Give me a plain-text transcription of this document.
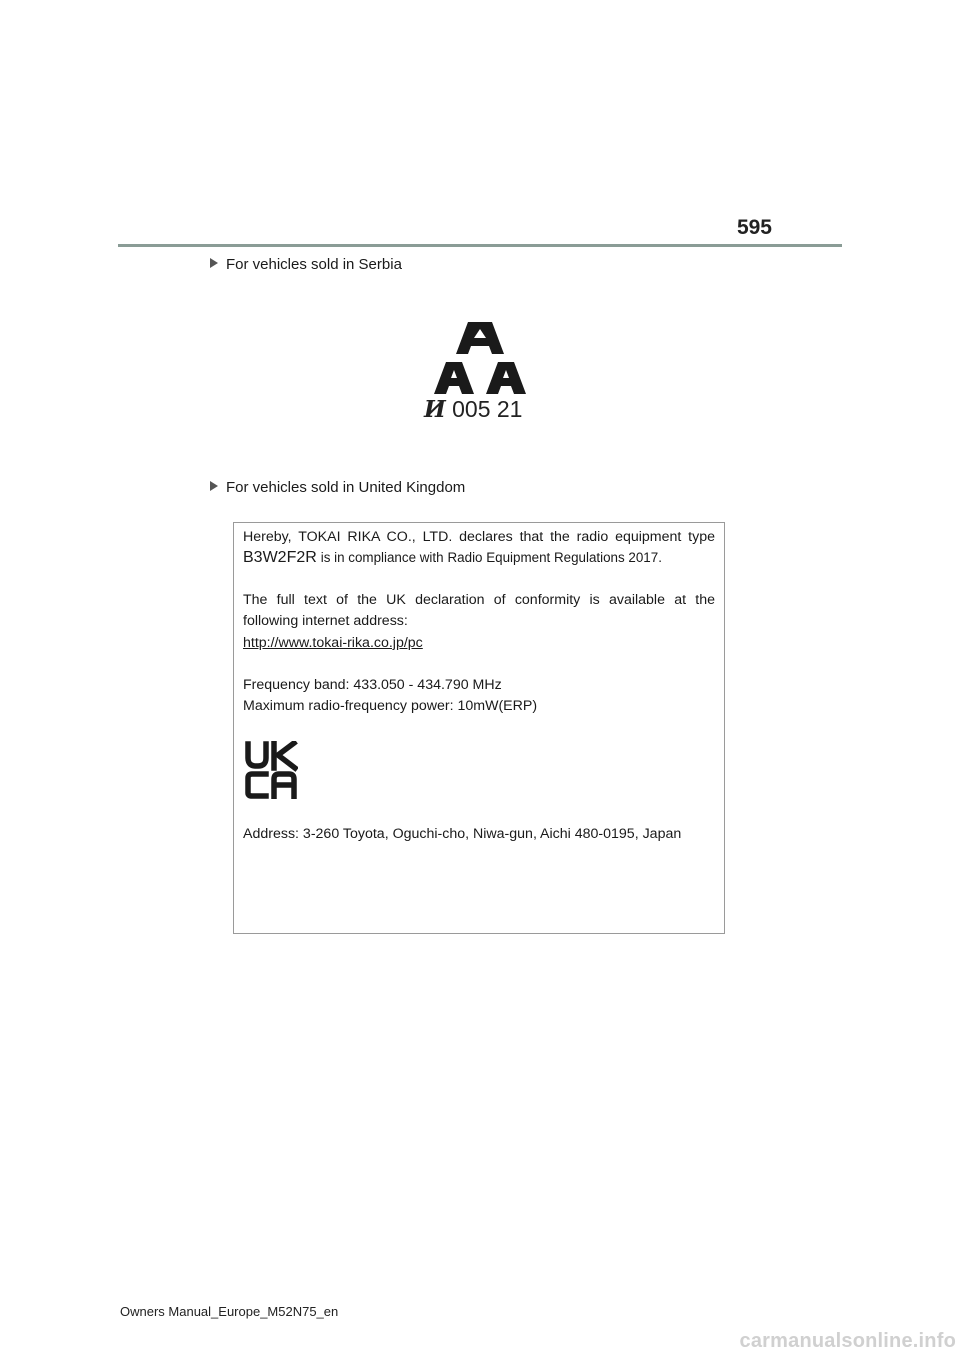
595
For vehicles sold in Serbia
И 005 21
For vehicles sold in United Kingdom
Hereby, TOKAI RIKA CO., LTD. declares that the radio equipment type
B3W2F2R is in compliance with Radio Equipment Regulations 2017.
The full text of the UK declaration of conformity is available at the
following internet address:
http://www.tokai-rika.co.jp/pc
Frequency band: 433.050 - 434.790 MHz
Maximum radio-frequency power: 10mW(ERP)
Address: 3-260 Toyota, Oguchi-cho, Niwa-gun, Aichi 480-0195, Japan
Owners Manual_Europe_M52N75_en
carmanualsonline.info
